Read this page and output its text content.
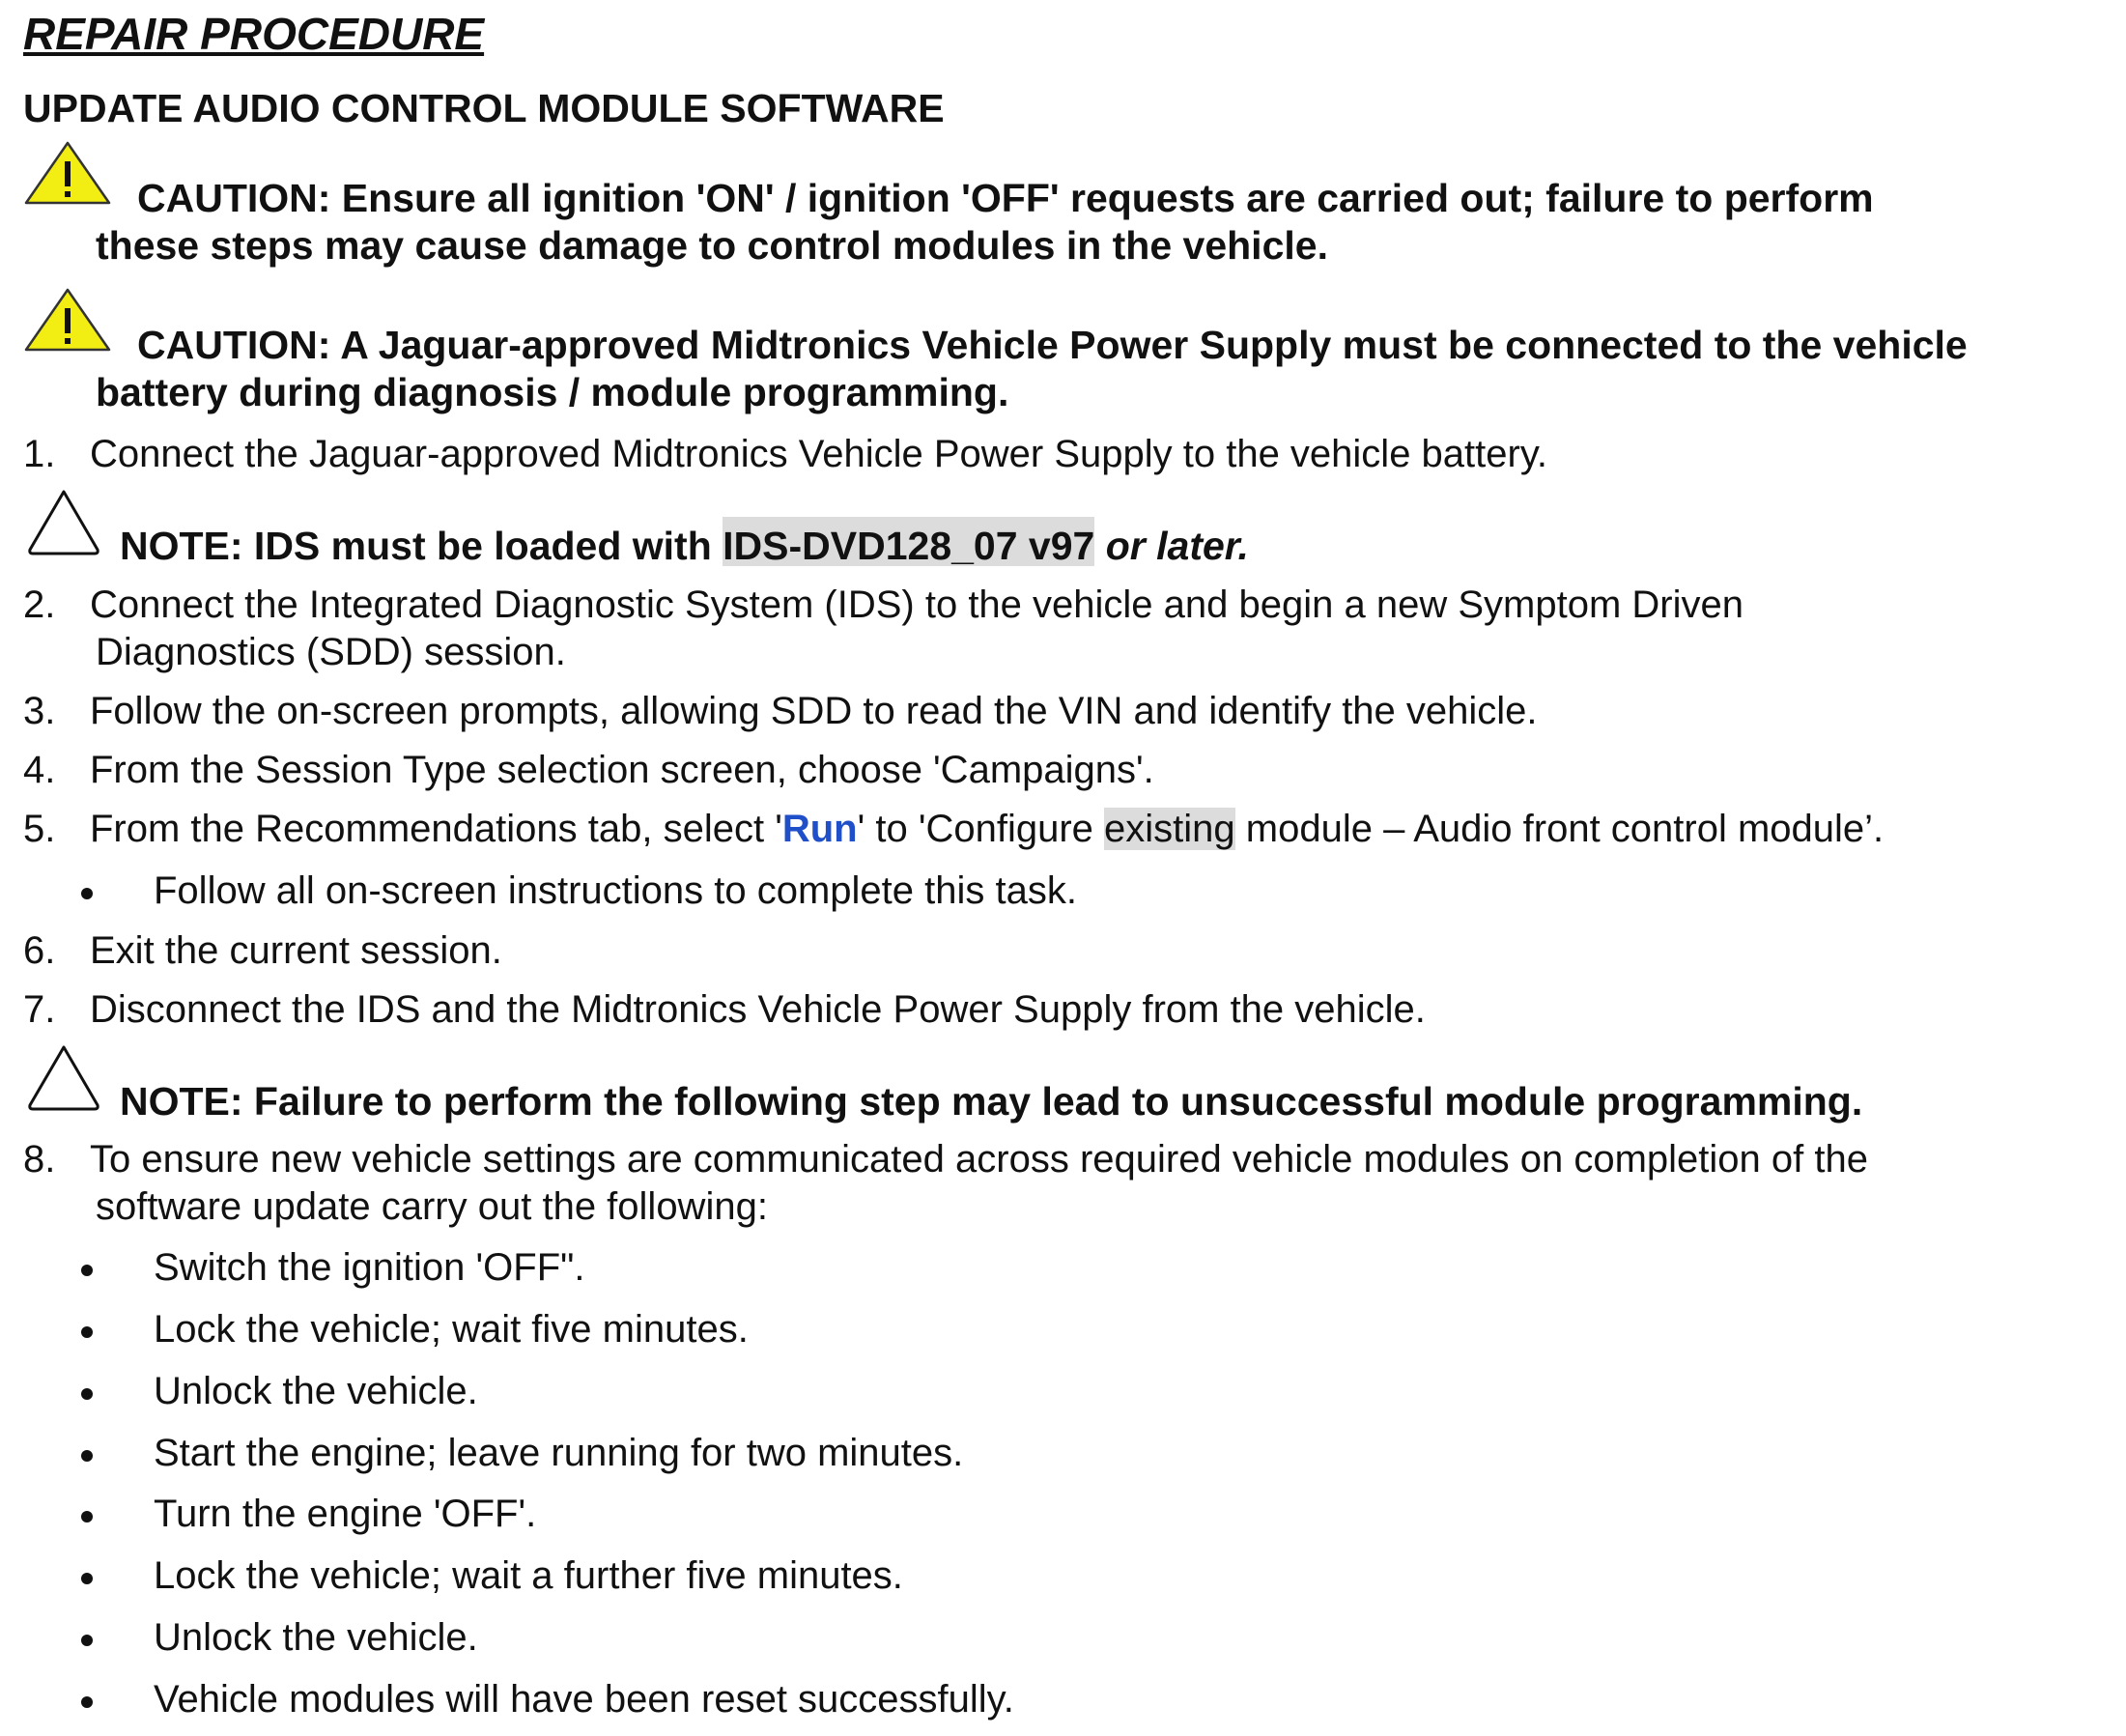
REPAIR PROCEDURE
UPDATE AUDIO CONTROL MODULE SOFTWARE
CAUTION: Ensure all ignition 'ON' / ignition 'OFF' requests are carried out; failure to perform
these steps may cause damage to control modules in the vehicle.
CAUTION: A Jaguar-approved Midtronics Vehicle Power Supply must be connected to the vehicle
battery during diagnosis / module programming.
1. Connect the Jaguar-approved Midtronics Vehicle Power Supply to the vehicle battery.
NOTE: IDS must be loaded with IDS-DVD128_07 v97 or later.
2. Connect the Integrated Diagnostic System (IDS) to the vehicle and begin a new Symptom Driven
Diagnostics (SDD) session.
3. Follow the on-screen prompts, allowing SDD to read the VIN and identify the vehicle.
4. From the Session Type selection screen, choose 'Campaigns'.
5. From the Recommendations tab, select 'Run' to 'Configure existing module – Audio front control module’.
Follow all on-screen instructions to complete this task.
6. Exit the current session.
7. Disconnect the IDS and the Midtronics Vehicle Power Supply from the vehicle.
NOTE: Failure to perform the following step may lead to unsuccessful module programming.
8. To ensure new vehicle settings are communicated across required vehicle modules on completion of the
software update carry out the following:
Switch the ignition 'OFF".
Lock the vehicle; wait five minutes.
Unlock the vehicle.
Start the engine; leave running for two minutes.
Turn the engine 'OFF'.
Lock the vehicle; wait a further five minutes.
Unlock the vehicle.
Vehicle modules will have been reset successfully.
